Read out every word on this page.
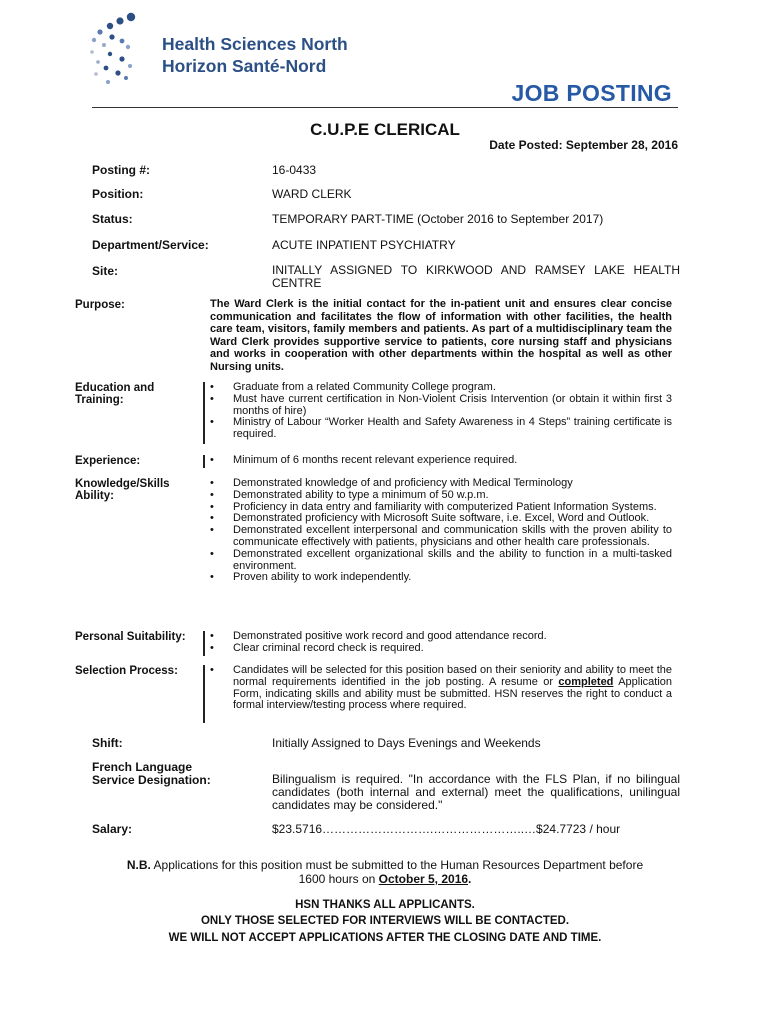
Health Sciences North
Horizon Santé-Nord
JOB POSTING
C.U.P.E CLERICAL
Date Posted: September 28, 2016
Posting #:	16-0433
Position:	WARD CLERK
Status:	TEMPORARY PART-TIME (October 2016 to September 2017)
Department/Service:	ACUTE INPATIENT PSYCHIATRY
Site:	INITALLY ASSIGNED TO KIRKWOOD AND RAMSEY LAKE HEALTH CENTRE
Purpose:	The Ward Clerk is the initial contact for the in-patient unit and ensures clear concise communication and facilitates the flow of information with other facilities, the health care team, visitors, family members and patients. As part of a multidisciplinary team the Ward Clerk provides supportive service to patients, core nursing staff and physicians and works in cooperation with other departments within the hospital as well as other Nursing units.
Education and Training:
• Graduate from a related Community College program.
• Must have current certification in Non-Violent Crisis Intervention (or obtain it within first 3 months of hire)
• Ministry of Labour “Worker Health and Safety Awareness in 4 Steps” training certificate is required.
Experience:	• Minimum of 6 months recent relevant experience required.
Knowledge/Skills Ability:
• Demonstrated knowledge of and proficiency with Medical Terminology
• Demonstrated ability to type a minimum of 50 w.p.m.
• Proficiency in data entry and familiarity with computerized Patient Information Systems.
• Demonstrated proficiency with Microsoft Suite software, i.e. Excel, Word and Outlook.
• Demonstrated excellent interpersonal and communication skills with the proven ability to communicate effectively with patients, physicians and other health care professionals.
• Demonstrated excellent organizational skills and the ability to function in a multi-tasked environment.
• Proven ability to work independently.
Personal Suitability:	• Demonstrated positive work record and good attendance record.
• Clear criminal record check is required.
Selection Process:	• Candidates will be selected for this position based on their seniority and ability to meet the normal requirements identified in the job posting. A resume or completed Application Form, indicating skills and ability must be submitted. HSN reserves the right to conduct a formal interview/testing process where required.
Shift:	Initially Assigned to Days Evenings and Weekends
French Language
Service Designation:	Bilingualism is required. "In accordance with the FLS Plan, if no bilingual candidates (both internal and external) meet the qualifications, unilingual candidates may be considered."
Salary:	$23.5716……………………….…………………..…$24.7723 / hour
N.B. Applications for this position must be submitted to the Human Resources Department before
1600 hours on October 5, 2016.
HSN THANKS ALL APPLICANTS.
ONLY THOSE SELECTED FOR INTERVIEWS WILL BE CONTACTED.
WE WILL NOT ACCEPT APPLICATIONS AFTER THE CLOSING DATE AND TIME.
